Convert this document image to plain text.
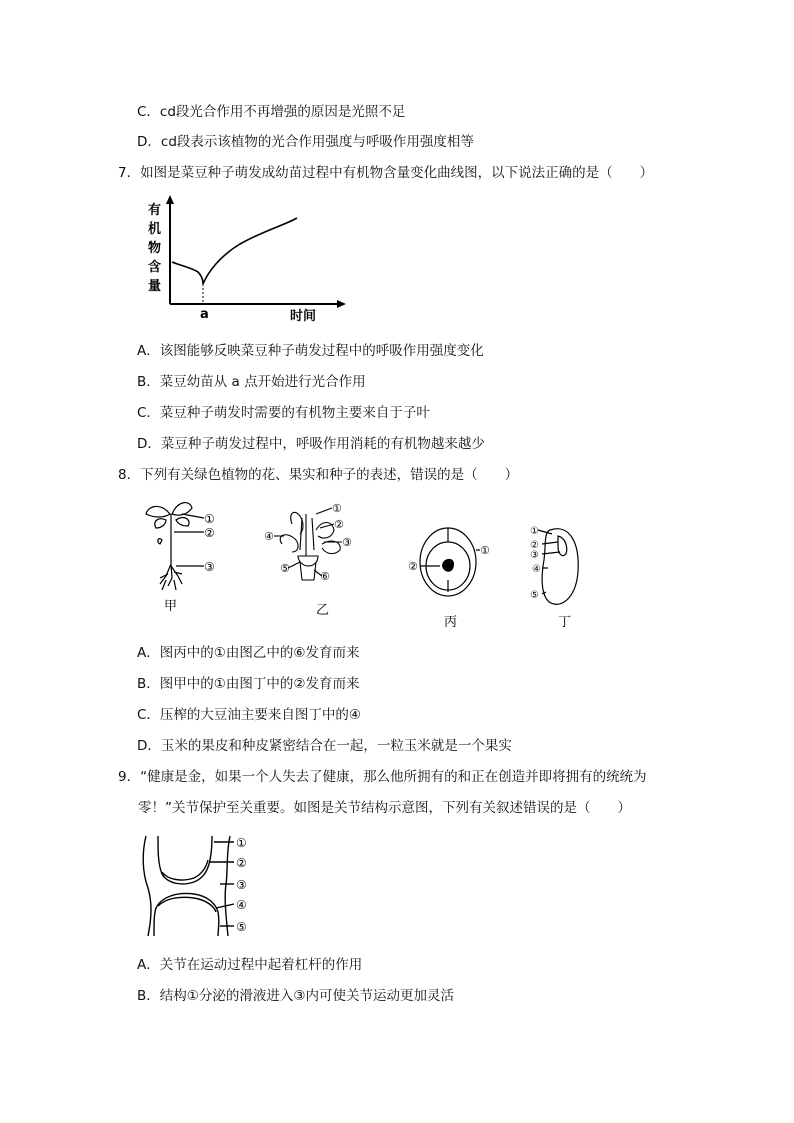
C．cd段光合作用不再增强的原因是光照不足
D．cd段表示该植物的光合作用强度与呼吸作用强度相等
7．如图是菜豆种子萌发成幼苗过程中有机物含量变化曲线图，以下说法正确的是（　　）
有
机
物
含
量
a	时间
A．该图能够反映菜豆种子萌发过程中的呼吸作用强度变化
B．菜豆幼苗从 a 点开始进行光合作用
C．菜豆种子萌发时需要的有机物主要来自于子叶
D．菜豆种子萌发过程中，呼吸作用消耗的有机物越来越少
8．下列有关绿色植物的花、果实和种子的表述，错误的是（　　）
①
②
③
甲
①
②
③
④
⑤
⑥
乙
①
②
丙
①
②
③
④
⑤
丁
A．图丙中的①由图乙中的⑥发育而来
B．图甲中的①由图丁中的②发育而来
C．压榨的大豆油主要来自图丁中的④
D．玉米的果皮和种皮紧密结合在一起，一粒玉米就是一个果实
9．“健康是金，如果一个人失去了健康，那么他所拥有的和正在创造并即将拥有的统统为
零！”关节保护至关重要。如图是关节结构示意图，下列有关叙述错误的是（　　）
①
②
③
④
⑤
A．关节在运动过程中起着杠杆的作用
B．结构①分泌的滑液进入③内可使关节运动更加灵活
